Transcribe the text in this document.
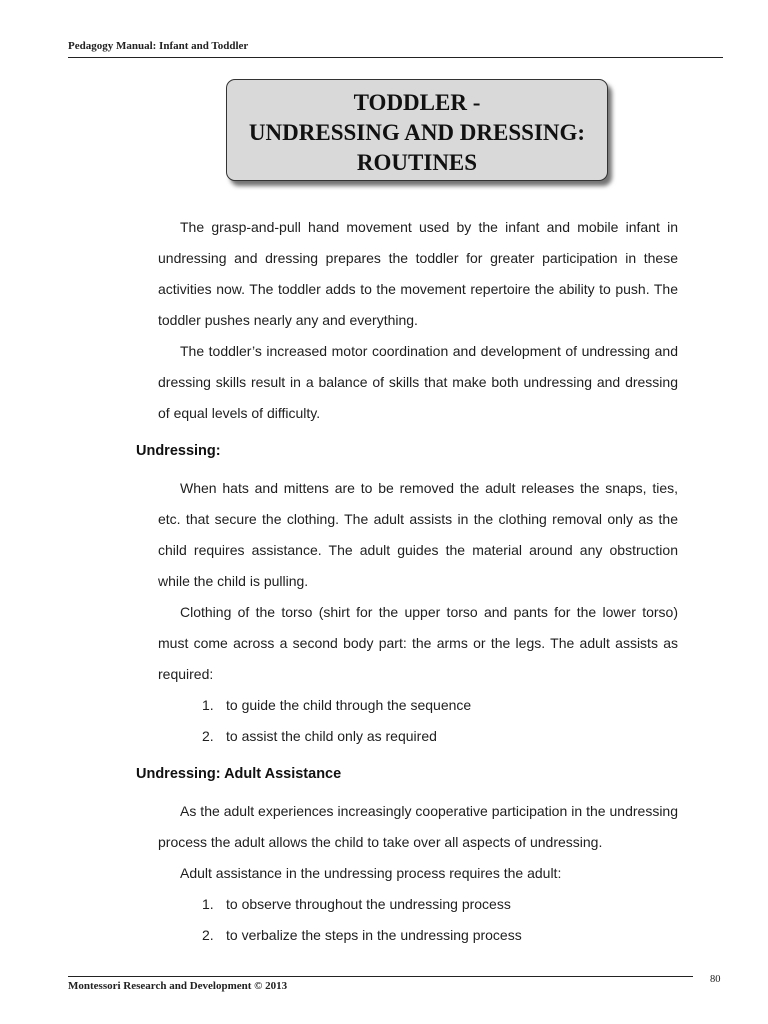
Pedagogy Manual: Infant and Toddler
TODDLER -
UNDRESSING AND DRESSING:
ROUTINES

The grasp-and-pull hand movement used by the infant and mobile infant in undressing and dressing prepares the toddler for greater participation in these activities now. The toddler adds to the movement repertoire the ability to push. The toddler pushes nearly any and everything.

The toddler’s increased motor coordination and development of undressing and dressing skills result in a balance of skills that make both undressing and dressing of equal levels of difficulty.

Undressing:

When hats and mittens are to be removed the adult releases the snaps, ties, etc. that secure the clothing. The adult assists in the clothing removal only as the child requires assistance. The adult guides the material around any obstruction while the child is pulling.

Clothing of the torso (shirt for the upper torso and pants for the lower torso) must come across a second body part: the arms or the legs. The adult assists as required:

1. to guide the child through the sequence
2. to assist the child only as required
Undressing: Adult Assistance

As the adult experiences increasingly cooperative participation in the undressing process the adult allows the child to take over all aspects of undressing.

Adult assistance in the undressing process requires the adult:

1. to observe throughout the undressing process
2. to verbalize the steps in the undressing process
Montessori Research and Development © 2013
80
